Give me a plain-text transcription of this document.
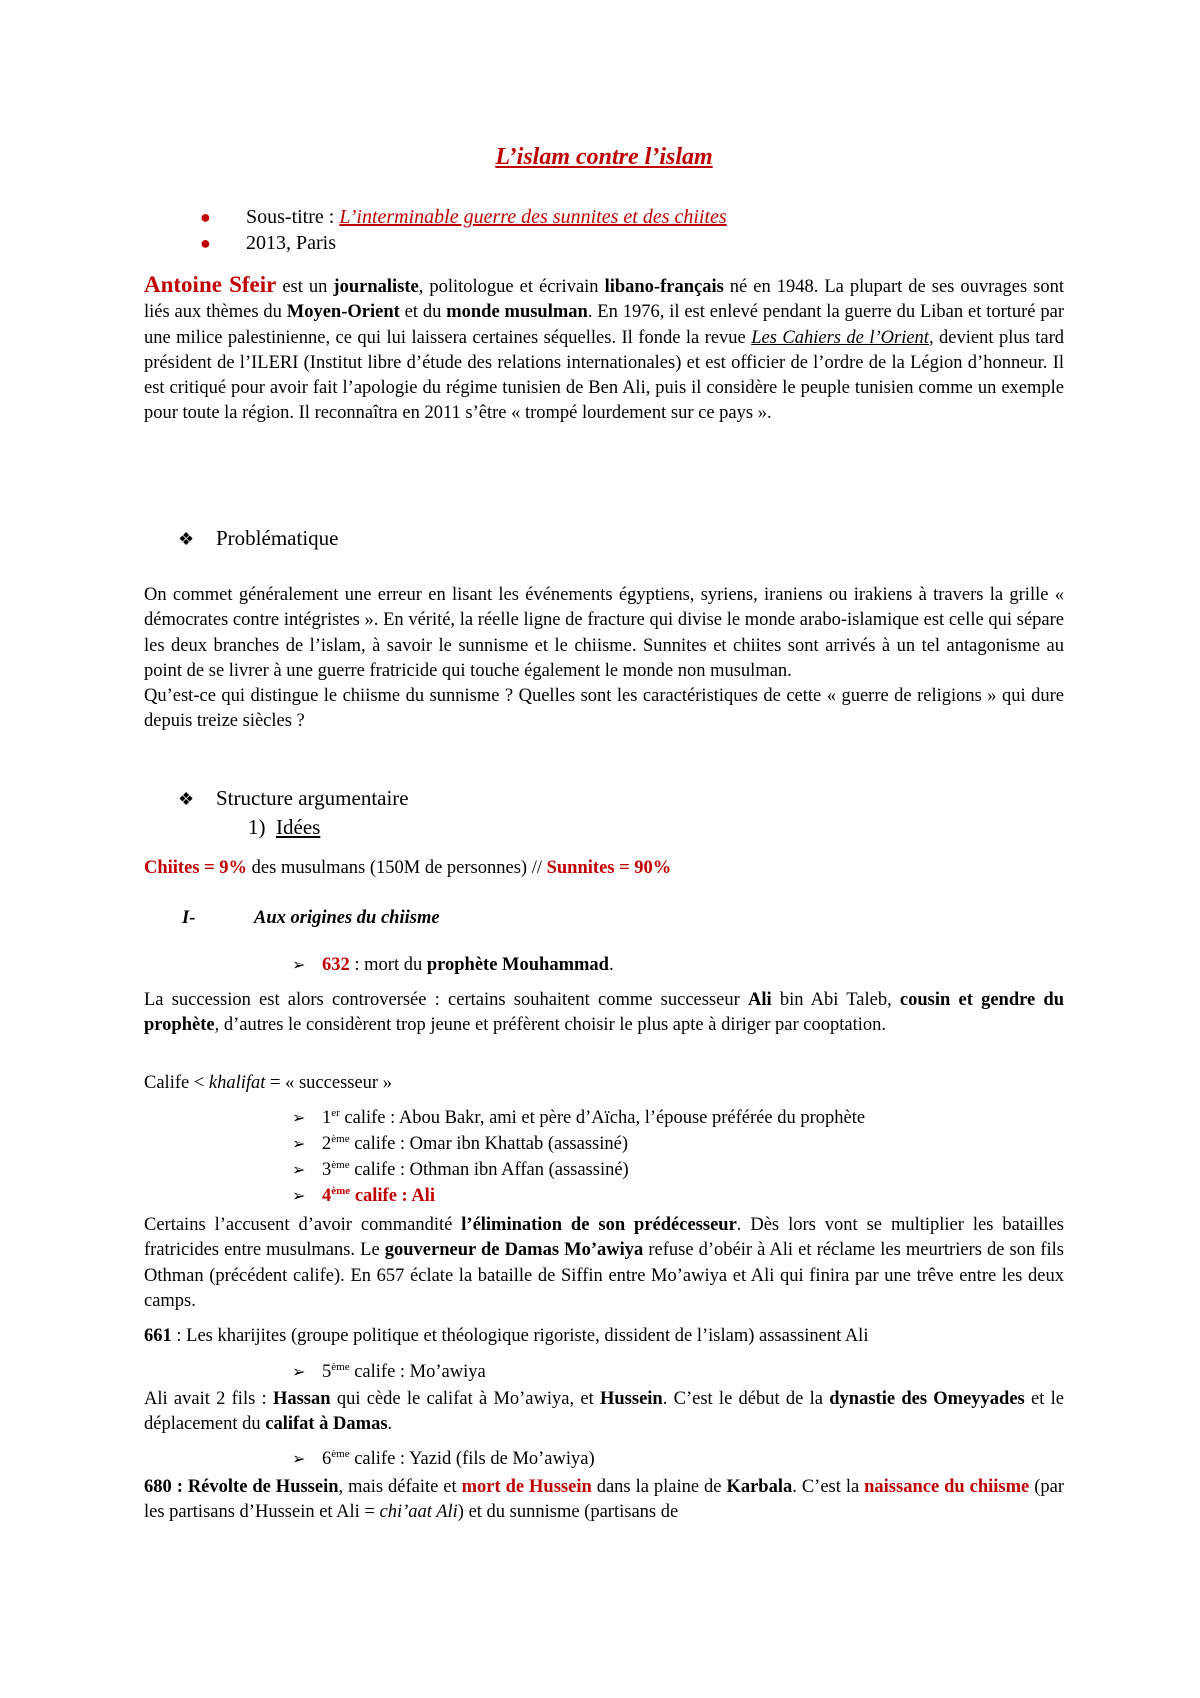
L’islam contre l’islam
● Sous-titre : L’interminable guerre des sunnites et des chiites
● 2013, Paris
Antoine Sfeir est un journaliste, politologue et écrivain libano-français né en 1948. La plupart de ses ouvrages sont liés aux thèmes du Moyen-Orient et du monde musulman. En 1976, il est enlevé pendant la guerre du Liban et torturé par une milice palestinienne, ce qui lui laissera certaines séquelles. Il fonde la revue Les Cahiers de l’Orient, devient plus tard président de l’ILERI (Institut libre d’étude des relations internationales) et est officier de l’ordre de la Légion d’honneur. Il est critiqué pour avoir fait l’apologie du régime tunisien de Ben Ali, puis il considère le peuple tunisien comme un exemple pour toute la région. Il reconnaîtra en 2011 s’être « trompé lourdement sur ce pays ».
❖ Problématique
On commet généralement une erreur en lisant les événements égyptiens, syriens, iraniens ou irakiens à travers la grille « démocrates contre intégristes ». En vérité, la réelle ligne de fracture qui divise le monde arabo-islamique est celle qui sépare les deux branches de l’islam, à savoir le sunnisme et le chiisme. Sunnites et chiites sont arrivés à un tel antagonisme au point de se livrer à une guerre fratricide qui touche également le monde non musulman.
Qu’est-ce qui distingue le chiisme du sunnisme ? Quelles sont les caractéristiques de cette « guerre de religions » qui dure depuis treize siècles ?
❖ Structure argumentaire
1) Idées
Chiites = 9% des musulmans (150M de personnes) // Sunnites = 90%
I-	Aux origines du chiisme
➢ 632 : mort du prophète Mouhammad.
La succession est alors controversée : certains souhaitent comme successeur Ali bin Abi Taleb, cousin et gendre du prophète, d’autres le considèrent trop jeune et préfèrent choisir le plus apte à diriger par cooptation.
Calife < khalifat = « successeur »
➢ 1er calife : Abou Bakr, ami et père d’Aïcha, l’épouse préférée du prophète
➢ 2ème calife : Omar ibn Khattab (assassiné)
➢ 3ème calife : Othman ibn Affan (assassiné)
➢ 4ème calife : Ali
Certains l’accusent d’avoir commandité l’élimination de son prédécesseur. Dès lors vont se multiplier les batailles fratricides entre musulmans. Le gouverneur de Damas Mo’awiya refuse d’obéir à Ali et réclame les meurtriers de son fils Othman (précédent calife). En 657 éclate la bataille de Siffin entre Mo’awiya et Ali qui finira par une trêve entre les deux camps.
661 : Les kharijites (groupe politique et théologique rigoriste, dissident de l’islam) assassinent Ali
➢ 5ème calife : Mo’awiya
Ali avait 2 fils : Hassan qui cède le califat à Mo’awiya, et Hussein. C’est le début de la dynastie des Omeyyades et le déplacement du califat à Damas.
➢ 6ème calife : Yazid (fils de Mo’awiya)
680 : Révolte de Hussein, mais défaite et mort de Hussein dans la plaine de Karbala. C’est la naissance du chiisme (par les partisans d’Hussein et Ali = chi’aat Ali) et du sunnisme (partisans de
